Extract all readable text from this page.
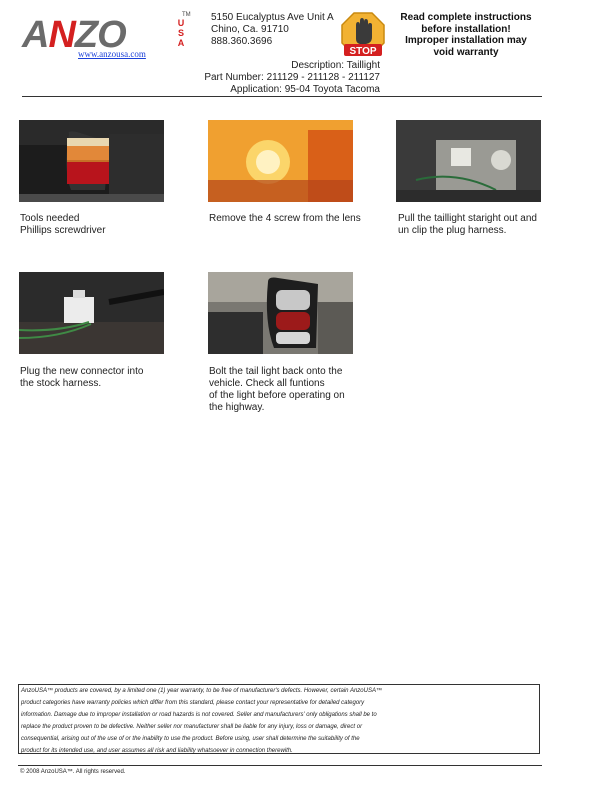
ANZO	TM
U
S
A
www.anzousa.com
5150 Eucalyptus Ave Unit A
Chino, Ca. 91710
888.360.3696
STOP
Read complete instructions
before installation!
Improper installation may
void warranty
Description: Taillight
Part Number: 211129 - 211128 - 211127
Application: 95-04 Toyota Tacoma
Tools needed
Phillips screwdriver
Remove the 4 screw from the lens	Pull the taillight staright out and
un clip the plug harness.
Plug the new connector into
the stock harness.
Bolt the tail light back onto the
vehicle. Check all funtions
of the light before operating on
the highway.
AnzoUSA™ products are covered, by a limited one (1) year warranty, to be free of manufacturer's defects. However, certain AnzoUSA™
product categories have warranty policies which differ from this standard, please contact your representative for detailed category
information. Damage due to improper installation or road hazards is not covered. Seller and manufacturers' only obligations shall be to
replace the product proven to be defective. Neither seller nor manufacturer shall be liable for any injury, loss or damage, direct or
consequential, arising out of the use of or the inability to use the product. Before using, user shall determine the suitability of the
product for its intended use, and user assumes all risk and liability whatsoever in connection therewith.
© 2008 AnzoUSA™. All rights reserved.
